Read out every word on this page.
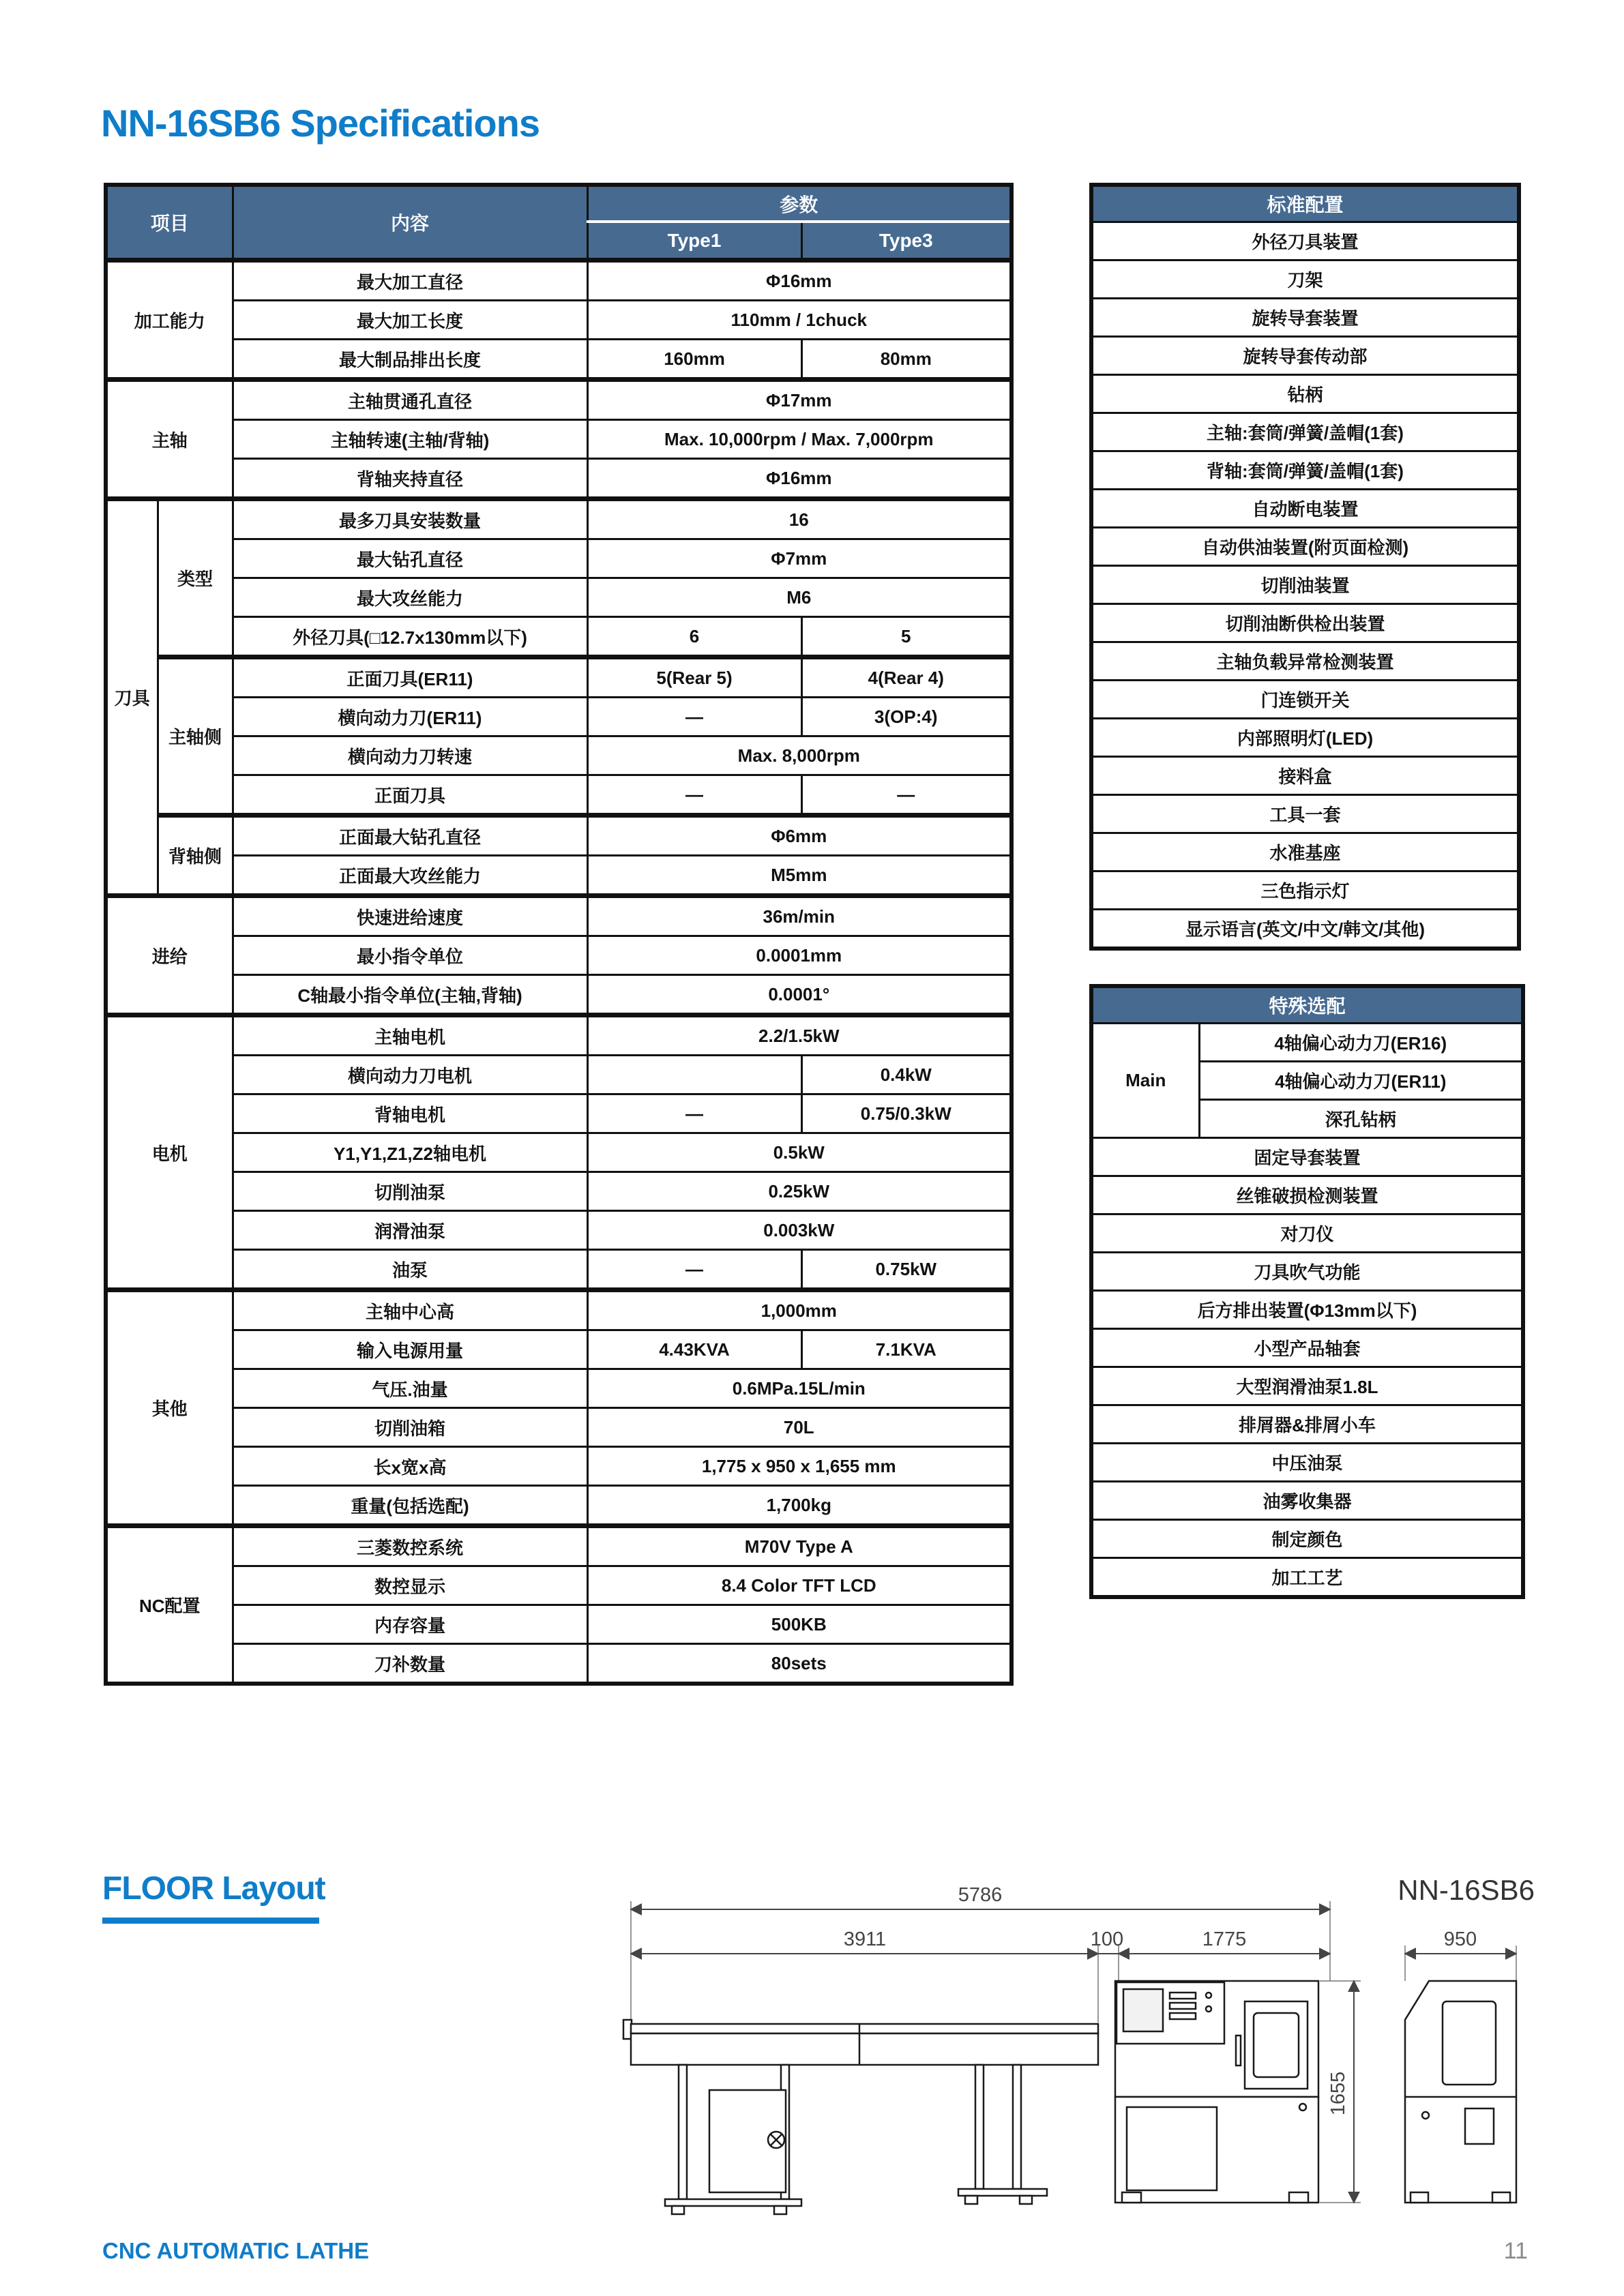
NN-16SB6 Specifications
项目		内容	参数	
			Type1	Type3
加工能力		最大加工直径	Φ16mm	
		最大加工长度	110mm / 1chuck	
		最大制品排出长度	160mm	80mm
主轴		主轴贯通孔直径	Φ17mm	
		主轴转速(主轴/背轴)	Max. 10,000rpm / Max. 7,000rpm	
		背轴夹持直径	Φ16mm	
刀具	类型	最多刀具安装数量	16	
		最大钻孔直径	Φ7mm	
		最大攻丝能力	M6	
		外径刀具(□12.7x130mm以下)	6	5
	主轴侧	正面刀具(ER11)	5(Rear 5)	4(Rear 4)
		横向动力刀(ER11)	—	3(OP:4)
		横向动力刀转速	Max. 8,000rpm	
		正面刀具	—	—
	背轴侧	正面最大钻孔直径	Φ6mm	
		正面最大攻丝能力	M5mm	
进给		快速进给速度	36m/min	
		最小指令单位	0.0001mm	
		C轴最小指令单位(主轴,背轴)	0.0001°	
电机		主轴电机	2.2/1.5kW	
		横向动力刀电机		0.4kW
		背轴电机	—	0.75/0.3kW
		Y1,Y1,Z1,Z2轴电机	0.5kW	
		切削油泵	0.25kW	
		润滑油泵	0.003kW	
		油泵	—	0.75kW
其他		主轴中心高	1,000mm	
		输入电源用量	4.43KVA	7.1KVA
		气压.油量	0.6MPa.15L/min	
		切削油箱	70L	
		长x宽x高	1,775 x 950 x 1,655 mm	
		重量(包括选配)	1,700kg	
NC配置		三菱数控系统	M70V Type A	
		数控显示	8.4 Color TFT LCD	
		内存容量	500KB	
		刀补数量	80sets	
标准配置
外径刀具装置
刀架
旋转导套装置
旋转导套传动部
钻柄
主轴:套筒/弹簧/盖帽(1套)
背轴:套筒/弹簧/盖帽(1套)
自动断电装置
自动供油装置(附页面检测)
切削油装置
切削油断供检出装置
主轴负载异常检测装置
门连锁开关
内部照明灯(LED)
接料盒
工具一套
水准基座
三色指示灯
显示语言(英文/中文/韩文/其他)
特殊选配
Main	4轴偏心动力刀(ER16)
4轴偏心动力刀(ER11)
深孔钻柄
固定导套装置
丝锥破损检测装置
对刀仪
刀具吹气功能
后方排出装置(Φ13mm以下)
小型产品轴套
大型润滑油泵1.8L
排屑器&排屑小车
中压油泵
油雾收集器
制定颜色
加工工艺
FLOOR Layout	NN-16SB6
5786
3911	100	1775	950
1655
CNC AUTOMATIC LATHE	11
